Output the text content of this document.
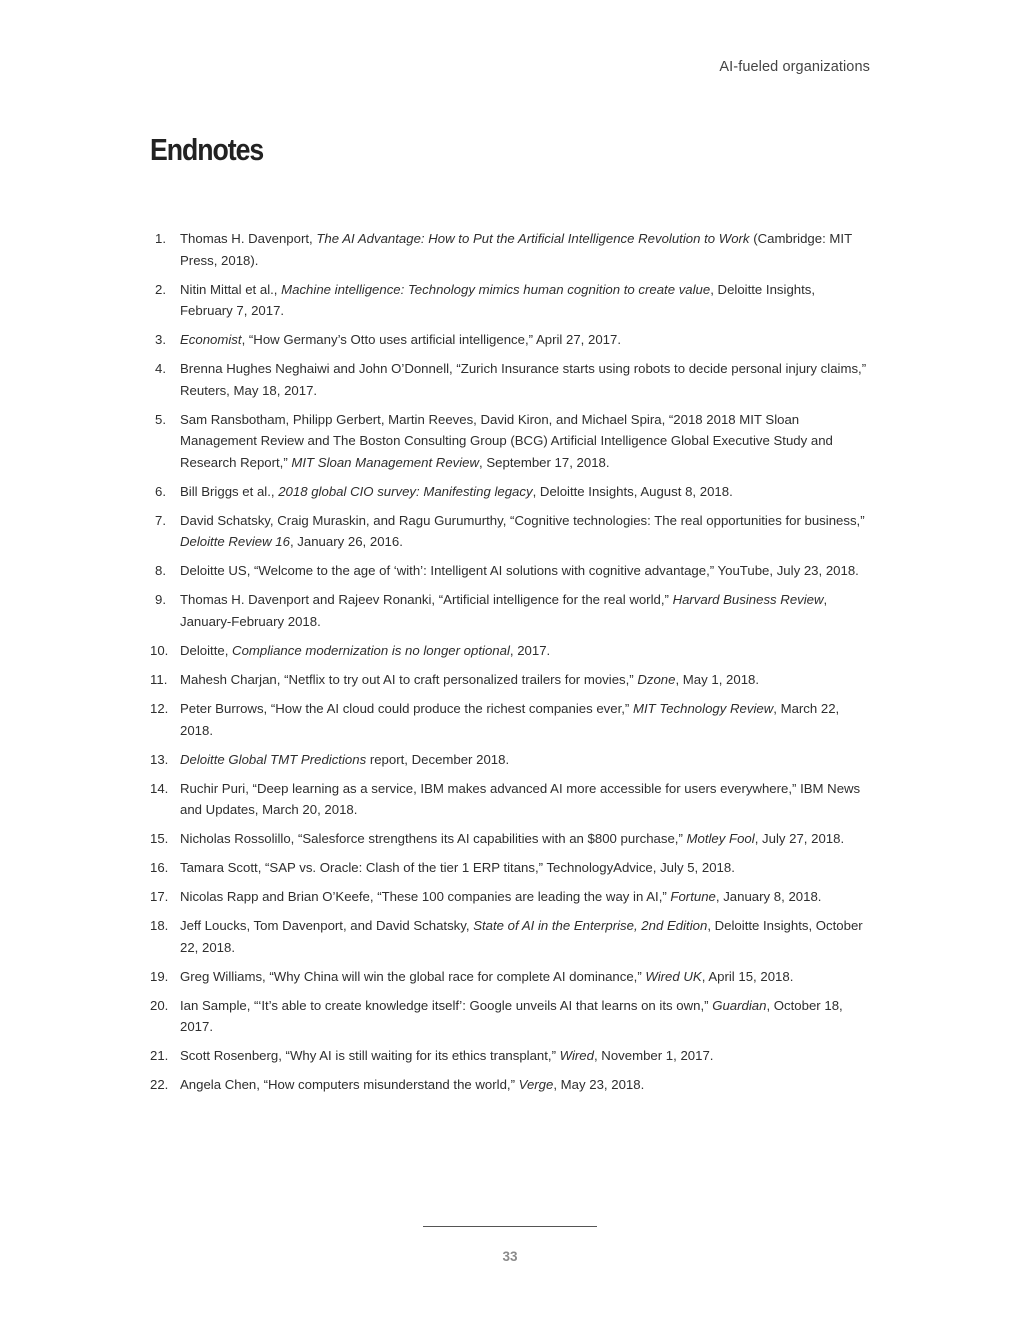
AI-fueled organizations
Endnotes
1. Thomas H. Davenport, The AI Advantage: How to Put the Artificial Intelligence Revolution to Work (Cambridge: MIT Press, 2018).
2. Nitin Mittal et al., Machine intelligence: Technology mimics human cognition to create value, Deloitte Insights, February 7, 2017.
3. Economist, “How Germany’s Otto uses artificial intelligence,” April 27, 2017.
4. Brenna Hughes Neghaiwi and John O’Donnell, “Zurich Insurance starts using robots to decide personal injury claims,” Reuters, May 18, 2017.
5. Sam Ransbotham, Philipp Gerbert, Martin Reeves, David Kiron, and Michael Spira, “2018 2018 MIT Sloan Management Review and The Boston Consulting Group (BCG) Artificial Intelligence Global Executive Study and Research Report,” MIT Sloan Management Review, September 17, 2018.
6. Bill Briggs et al., 2018 global CIO survey: Manifesting legacy, Deloitte Insights, August 8, 2018.
7. David Schatsky, Craig Muraskin, and Ragu Gurumurthy, “Cognitive technologies: The real opportunities for business,” Deloitte Review 16, January 26, 2016.
8. Deloitte US, “Welcome to the age of ‘with’: Intelligent AI solutions with cognitive advantage,” YouTube, July 23, 2018.
9. Thomas H. Davenport and Rajeev Ronanki, “Artificial intelligence for the real world,” Harvard Business Review, January-February 2018.
10. Deloitte, Compliance modernization is no longer optional, 2017.
11. Mahesh Charjan, “Netflix to try out AI to craft personalized trailers for movies,” Dzone, May 1, 2018.
12. Peter Burrows, “How the AI cloud could produce the richest companies ever,” MIT Technology Review, March 22, 2018.
13. Deloitte Global TMT Predictions report, December 2018.
14. Ruchir Puri, “Deep learning as a service, IBM makes advanced AI more accessible for users everywhere,” IBM News and Updates, March 20, 2018.
15. Nicholas Rossolillo, “Salesforce strengthens its AI capabilities with an $800 purchase,” Motley Fool, July 27, 2018.
16. Tamara Scott, “SAP vs. Oracle: Clash of the tier 1 ERP titans,” TechnologyAdvice, July 5, 2018.
17. Nicolas Rapp and Brian O’Keefe, “These 100 companies are leading the way in AI,” Fortune, January 8, 2018.
18. Jeff Loucks, Tom Davenport, and David Schatsky, State of AI in the Enterprise, 2nd Edition, Deloitte Insights, October 22, 2018.
19. Greg Williams, “Why China will win the global race for complete AI dominance,” Wired UK, April 15, 2018.
20. Ian Sample, “‘It’s able to create knowledge itself’: Google unveils AI that learns on its own,” Guardian, October 18, 2017.
21. Scott Rosenberg, “Why AI is still waiting for its ethics transplant,” Wired, November 1, 2017.
22. Angela Chen, “How computers misunderstand the world,” Verge, May 23, 2018.
33
